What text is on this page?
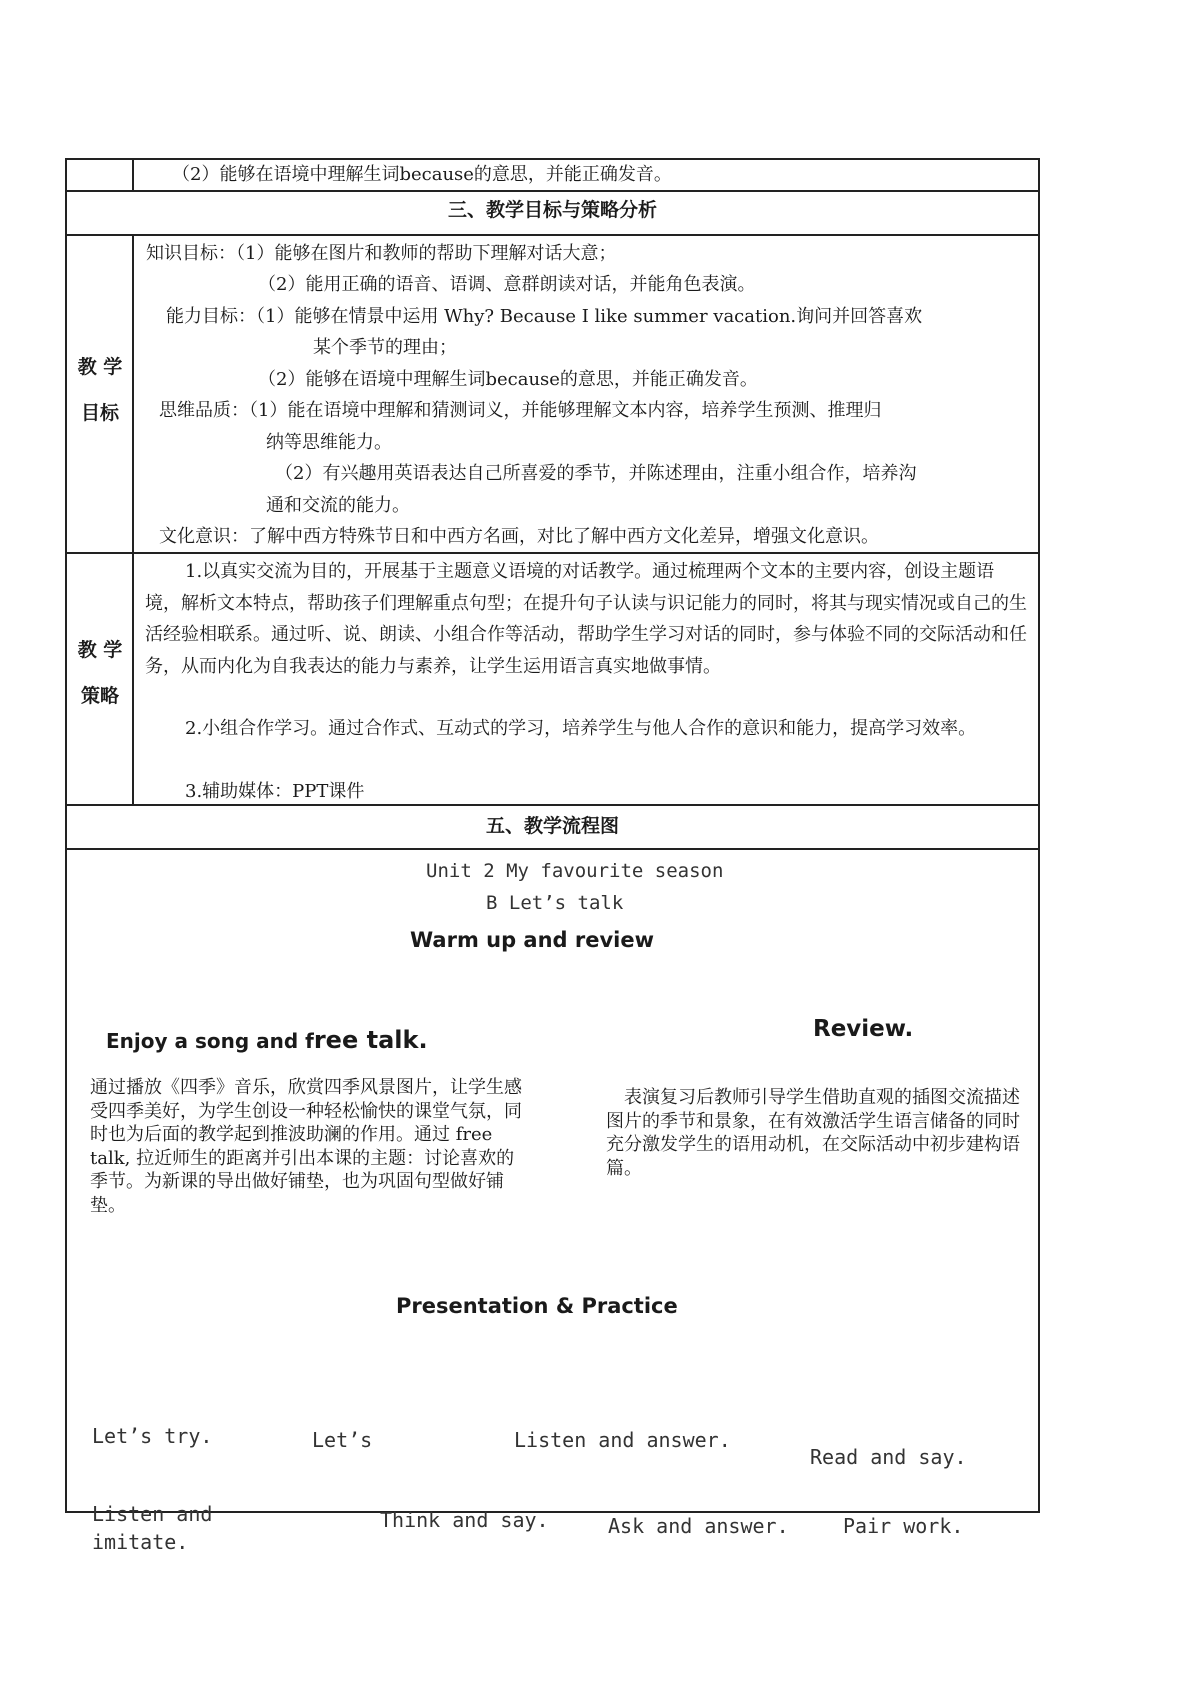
（2）能够在语境中理解生词because的意思，并能正确发音。
三、教学目标与策略分析
教 学
目标
知识目标：（1）能够在图片和教师的帮助下理解对话大意；
（2）能用正确的语音、语调、意群朗读对话，并能角色表演。
能力目标：（1）能够在情景中运用 Why? Because I like summer vacation.询问并回答喜欢
某个季节的理由；
（2）能够在语境中理解生词because的意思，并能正确发音。
思维品质：（1）能在语境中理解和猜测词义，并能够理解文本内容，培养学生预测、推理归
纳等思维能力。
（2）有兴趣用英语表达自己所喜爱的季节，并陈述理由，注重小组合作，培养沟
通和交流的能力。
文化意识：了解中西方特殊节日和中西方名画，对比了解中西方文化差异，增强文化意识。
教 学
策略
1.以真实交流为目的，开展基于主题意义语境的对话教学。通过梳理两个文本的主要内容，创设主题语境，解析文本特点，帮助孩子们理解重点句型；在提升句子认读与识记能力的同时，将其与现实情况或自己的生活经验相联系。通过听、说、朗读、小组合作等活动，帮助学生学习对话的同时，参与体验不同的交际活动和任务，从而内化为自我表达的能力与素养，让学生运用语言真实地做事情。
2.小组合作学习。通过合作式、互动式的学习，培养学生与他人合作的意识和能力，提高学习效率。
3.辅助媒体：PPT课件
五、教学流程图
Unit 2 My favourite season
B Let’s talk
Warm up and review
Enjoy a song and free talk.	Review.
通过播放《四季》音乐，欣赏四季风景图片，让学生感受四季美好，为学生创设一种轻松愉快的课堂气氛，同时也为后面的教学起到推波助澜的作用。通过 free talk, 拉近师生的距离并引出本课的主题：讨论喜欢的季节。为新课的导出做好铺垫，也为巩固句型做好铺垫。
表演复习后教师引导学生借助直观的插图交流描述图片的季节和景象，在有效激活学生语言储备的同时充分激发学生的语用动机，在交际活动中初步建构语篇。
Presentation & Practice
Let’s try.	Let’s	Listen and answer.
Read and say.
Listen and
imitate.
Think and say.	Ask and answer.	Pair work.
